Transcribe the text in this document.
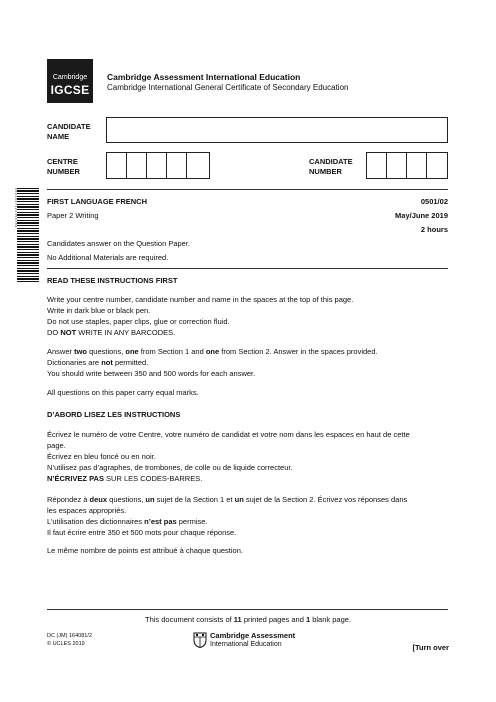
Cambridge
IGCSE
Cambridge Assessment International Education
Cambridge International General Certificate of Secondary Education
CANDIDATE
NAME
CENTRE
NUMBER
CANDIDATE
NUMBER
0 5 0 1 0 2 7 1 2 3 4 5 6 7 8 9	FIRST LANGUAGE FRENCH	0501/02
Paper 2 Writing	May/June 2019
2 hours
Candidates answer on the Question Paper.
No Additional Materials are required.
READ THESE INSTRUCTIONS FIRST
Write your centre number, candidate number and name in the spaces at the top of this page.
Write in dark blue or black pen.
Do not use staples, paper clips, glue or correction fluid.
DO NOT WRITE IN ANY BARCODES.
Answer two questions, one from Section 1 and one from Section 2. Answer in the spaces provided.
Dictionaries are not permitted.
You should write between 350 and 500 words for each answer.
All questions on this paper carry equal marks.
D’ABORD LISEZ LES INSTRUCTIONS
Écrivez le numéro de votre Centre, votre numéro de candidat et votre nom dans les espaces en haut de cette
page.
Écrivez en bleu foncé ou en noir.
N’utilisez pas d’agraphes, de trombones, de colle ou de liquide correcteur.
N’ÉCRIVEZ PAS SUR LES CODES-BARRES.
Répondez à deux questions, un sujet de la Section 1 et un sujet de la Section 2. Écrivez vos réponses dans
les espaces appropriés.
L’utilisation des dictionnaires n’est pas permise.
Il faut écrire entre 350 et 500 mots pour chaque réponse.
Le même nombre de points est attribué à chaque question.
This document consists of 11 printed pages and 1 blank page.
DC (JM) 164081/2
© UCLES 2019
Cambridge Assessment
International Education	[Turn over
